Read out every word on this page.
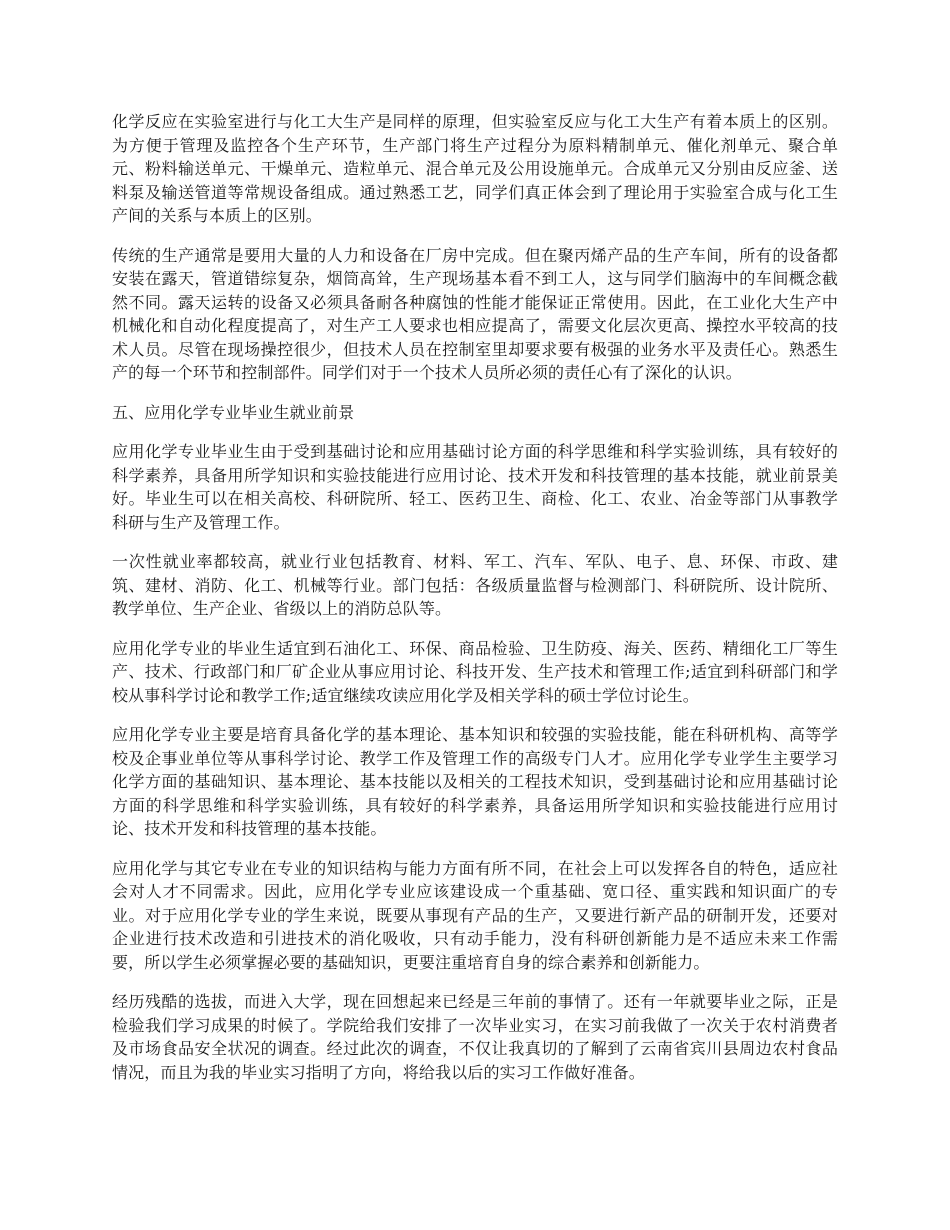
化学反应在实验室进行与化工大生产是同样的原理，但实验室反应与化工大生产有着本质上的区别。为方便于管理及监控各个生产环节，生产部门将生产过程分为原料精制单元、催化剂单元、聚合单元、粉料输送单元、干燥单元、造粒单元、混合单元及公用设施单元。合成单元又分别由反应釜、送料泵及输送管道等常规设备组成。通过熟悉工艺，同学们真正体会到了理论用于实验室合成与化工生产间的关系与本质上的区别。

传统的生产通常是要用大量的人力和设备在厂房中完成。但在聚丙烯产品的生产车间，所有的设备都安装在露天，管道错综复杂，烟筒高耸，生产现场基本看不到工人，这与同学们脑海中的车间概念截然不同。露天运转的设备又必须具备耐各种腐蚀的性能才能保证正常使用。因此，在工业化大生产中机械化和自动化程度提高了，对生产工人要求也相应提高了，需要文化层次更高、操控水平较高的技术人员。尽管在现场操控很少，但技术人员在控制室里却要求要有极强的业务水平及责任心。熟悉生产的每一个环节和控制部件。同学们对于一个技术人员所必须的责任心有了深化的认识。

五、应用化学专业毕业生就业前景

应用化学专业毕业生由于受到基础讨论和应用基础讨论方面的科学思维和科学实验训练，具有较好的科学素养，具备用所学知识和实验技能进行应用讨论、技术开发和科技管理的基本技能，就业前景美好。毕业生可以在相关高校、科研院所、轻工、医药卫生、商检、化工、农业、冶金等部门从事教学科研与生产及管理工作。

一次性就业率都较高，就业行业包括教育、材料、军工、汽车、军队、电子、息、环保、市政、建筑、建材、消防、化工、机械等行业。部门包括：各级质量监督与检测部门、科研院所、设计院所、教学单位、生产企业、省级以上的消防总队等。

应用化学专业的毕业生适宜到石油化工、环保、商品检验、卫生防疫、海关、医药、精细化工厂等生产、技术、行政部门和厂矿企业从事应用讨论、科技开发、生产技术和管理工作;适宜到科研部门和学校从事科学讨论和教学工作;适宜继续攻读应用化学及相关学科的硕士学位讨论生。

应用化学专业主要是培育具备化学的基本理论、基本知识和较强的实验技能，能在科研机构、高等学校及企事业单位等从事科学讨论、教学工作及管理工作的高级专门人才。应用化学专业学生主要学习化学方面的基础知识、基本理论、基本技能以及相关的工程技术知识，受到基础讨论和应用基础讨论方面的科学思维和科学实验训练，具有较好的科学素养，具备运用所学知识和实验技能进行应用讨论、技术开发和科技管理的基本技能。

应用化学与其它专业在专业的知识结构与能力方面有所不同，在社会上可以发挥各自的特色，适应社会对人才不同需求。因此，应用化学专业应该建设成一个重基础、宽口径、重实践和知识面广的专业。对于应用化学专业的学生来说，既要从事现有产品的生产，又要进行新产品的研制开发，还要对企业进行技术改造和引进技术的消化吸收，只有动手能力，没有科研创新能力是不适应未来工作需要，所以学生必须掌握必要的基础知识，更要注重培育自身的综合素养和创新能力。

经历残酷的选拔，而进入大学，现在回想起来已经是三年前的事情了。还有一年就要毕业之际，正是检验我们学习成果的时候了。学院给我们安排了一次毕业实习，在实习前我做了一次关于农村消费者及市场食品安全状况的调查。经过此次的调查，不仅让我真切的了解到了云南省宾川县周边农村食品情况，而且为我的毕业实习指明了方向，将给我以后的实习工作做好准备。
